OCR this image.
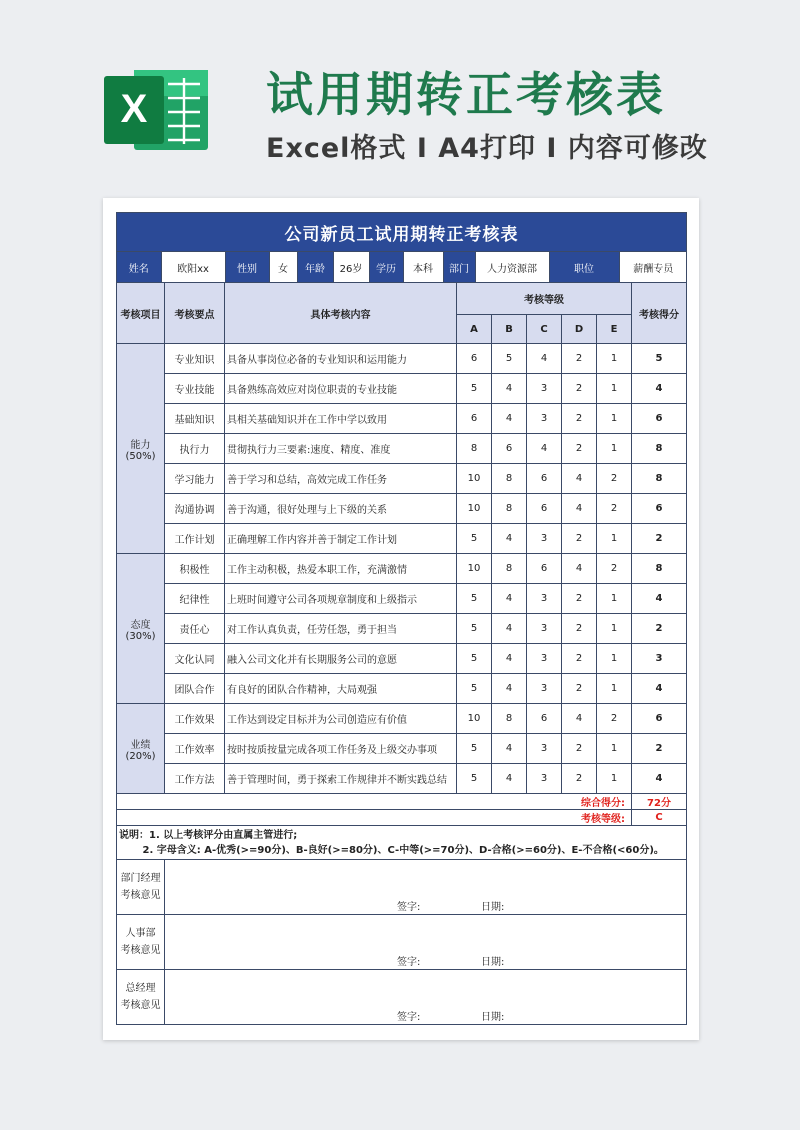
X	试用期转正考核表
Excel格式 I A4打印 I 内容可修改
公司新员工试用期转正考核表

姓名	欧阳xx	性别	女	年龄	26岁	学历	本科	部门	人力资源部	职位	薪酬专员

考核项目	考核要点	具体考核内容	考核等级	考核得分
A	B	C	D	E

能力
(50%)
	专业知识	具备从事岗位必备的专业知识和运用能力	6	5	4	2	1	5
专业技能	具备熟练高效应对岗位职责的专业技能	5	4	3	2	1	4
基础知识	具相关基础知识并在工作中学以致用	6	4	3	2	1	6
执行力	贯彻执行力三要素:速度、精度、准度	8	6	4	2	1	8
学习能力	善于学习和总结，高效完成工作任务	10	8	6	4	2	8
沟通协调	善于沟通，很好处理与上下级的关系	10	8	6	4	2	6
工作计划	正确理解工作内容并善于制定工作计划	5	4	3	2	1	2

态度
(30%)
	积极性	工作主动积极，热爱本职工作，充满激情	10	8	6	4	2	8
纪律性	上班时间遵守公司各项规章制度和上级指示	5	4	3	2	1	4
责任心	对工作认真负责，任劳任怨，勇于担当	5	4	3	2	1	2
文化认同	融入公司文化并有长期服务公司的意愿	5	4	3	2	1	3
团队合作	有良好的团队合作精神，大局观强	5	4	3	2	1	4

业绩
(20%)
	工作效果	工作达到设定目标并为公司创造应有价值	10	8	6	4	2	6
工作效率	按时按质按量完成各项工作任务及上级交办事项	5	4	3	2	1	2
工作方法	善于管理时间，勇于探索工作规律并不断实践总结	5	4	3	2	1	4
综合得分:	72分
考核等级:	C

说明：1. 以上考核评分由直属主管进行;
　　 2. 字母含义: A-优秀(>=90分)、B-良好(>=80分)、C-中等(>=70分)、D-合格(>=60分)、E-不合格(<60分)。

部门经理
考核意见

签字:	日期:

人事部
考核意见

签字:	日期:

总经理
考核意见

签字:	日期:
